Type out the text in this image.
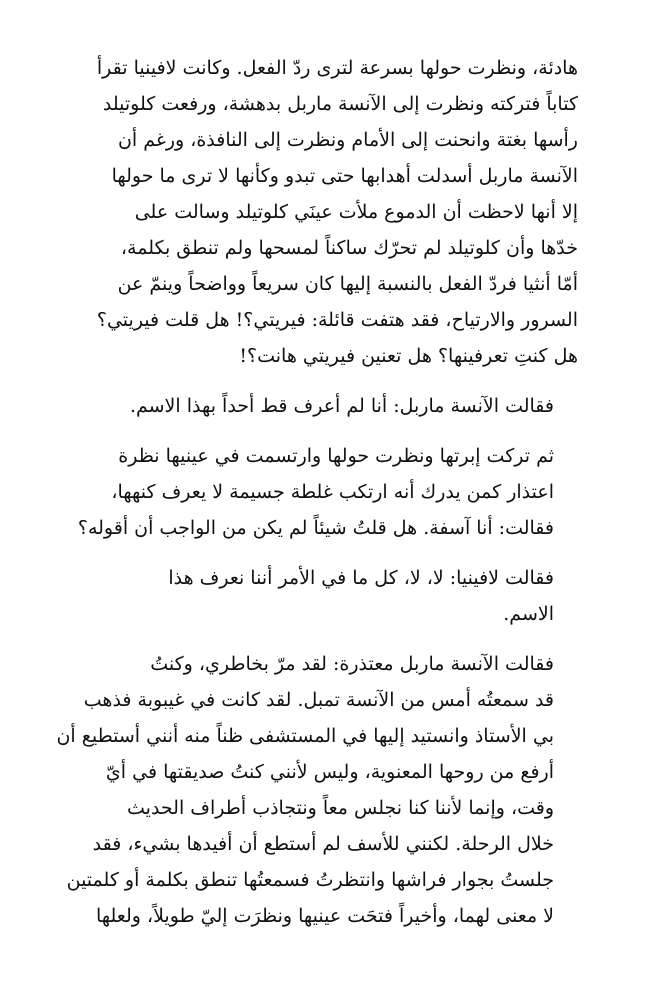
هادئة، ونظرت حولها بسرعة لترى ردّ الفعل. وكانت لافينيا تقرأ
كتاباً فتركته ونظرت إلى الآنسة ماربل بدهشة، ورفعت كلوتيلد
رأسها بغتة وانحنت إلى الأمام ونظرت إلى النافذة، ورغم أن
الآنسة ماربل أسدلت أهدابها حتى تبدو وكأنها لا ترى ما حولها
إلا أنها لاحظت أن الدموع ملأت عينَي كلوتيلد وسالت على
خدّها وأن كلوتيلد لم تحرّك ساكناً لمسحها ولم تنطق بكلمة،
أمّا أنثيا فردّ الفعل بالنسبة إليها كان سريعاً وواضحاً وينمّ عن
السرور والارتياح، فقد هتفت قائلة: فيريتي؟! هل قلت فيريتي؟
هل كنتِ تعرفينها؟ هل تعنين فيريتي هانت؟!
فقالت الآنسة ماربل: أنا لم أعرف قط أحداً بهذا الاسم.
ثم تركت إبرتها ونظرت حولها وارتسمت في عينيها نظرة
اعتذار كمن يدرك أنه ارتكب غلطة جسيمة لا يعرف كنهها،
فقالت: أنا آسفة. هل قلتُ شيئاً لم يكن من الواجب أن أقوله؟
فقالت لافينيا: لا، لا، كل ما في الأمر أننا نعرف هذا
الاسم.
فقالت الآنسة ماربل معتذرة: لقد مرّ بخاطري، وكنتُ
قد سمعتُه أمس من الآنسة تمبل. لقد كانت في غيبوبة فذهب
بي الأستاذ وانستيد إليها في المستشفى ظناً منه أنني أستطيع أن
أرفع من روحها المعنوية، وليس لأنني كنتُ صديقتها في أيّ
وقت، وإنما لأننا كنا نجلس معاً ونتجاذب أطراف الحديث
خلال الرحلة. لكنني للأسف لم أستطع أن أفيدها بشيء، فقد
جلستُ بجوار فراشها وانتظرتُ فسمعتُها تنطق بكلمة أو كلمتين
لا معنى لهما، وأخيراً فتحَت عينيها ونظرَت إليّ طويلاً، ولعلها
